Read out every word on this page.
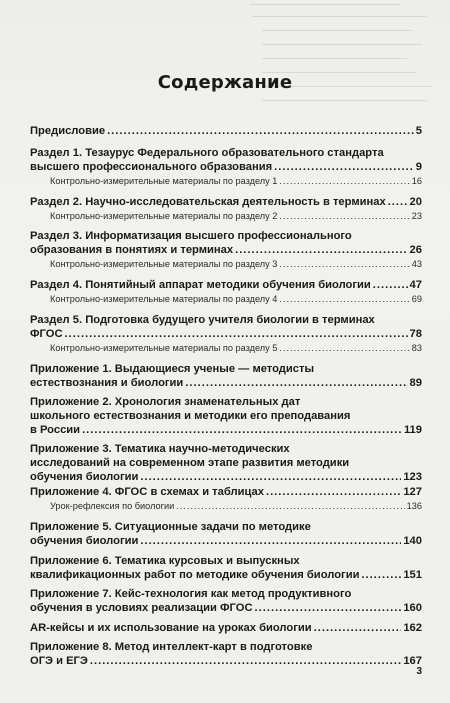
Содержание
Предисловие .....	5
Раздел 1. Тезаурус Федерального образовательного стандарта
высшего профессионального образования .....	9
Контрольно-измерительные материалы по разделу 1 .....	16
Раздел 2. Научно-исследовательская деятельность в терминах ..... 20
Контрольно-измерительные материалы по разделу 2 .....	23
Раздел 3. Информатизация высшего профессионального
образования в понятиях и терминах .....	26
Контрольно-измерительные материалы по разделу 3 .....	43
Раздел 4. Понятийный аппарат методики обучения биологии .....	47
Контрольно-измерительные материалы по разделу 4 .....	69
Раздел 5. Подготовка будущего учителя биологии в терминах
ФГОС .....	78
Контрольно-измерительные материалы по разделу 5 .....	83
Приложение 1. Выдающиеся ученые — методисты
естествознания и биологии .....	89
Приложение 2. Хронология знаменательных дат
школьного естествознания и методики его преподавания
в России .....	119
Приложение 3. Тематика научно-методических
исследований на современном этапе развития методики
обучения биологии .....	123
Приложение 4. ФГОС в схемах и таблицах .....	127
Урок-рефлексия по биологии .....	136
Приложение 5. Ситуационные задачи по методике
обучения биологии .....	140
Приложение 6. Тематика курсовых и выпускных
квалификационных работ по методике обучения биологии .....	151
Приложение 7. Кейс-технология как метод продуктивного
обучения в условиях реализации ФГОС .....	160
AR-кейсы и их использование на уроках биологии .....	162
Приложение 8. Метод интеллект-карт в подготовке
ОГЭ и ЕГЭ .....	167
3
